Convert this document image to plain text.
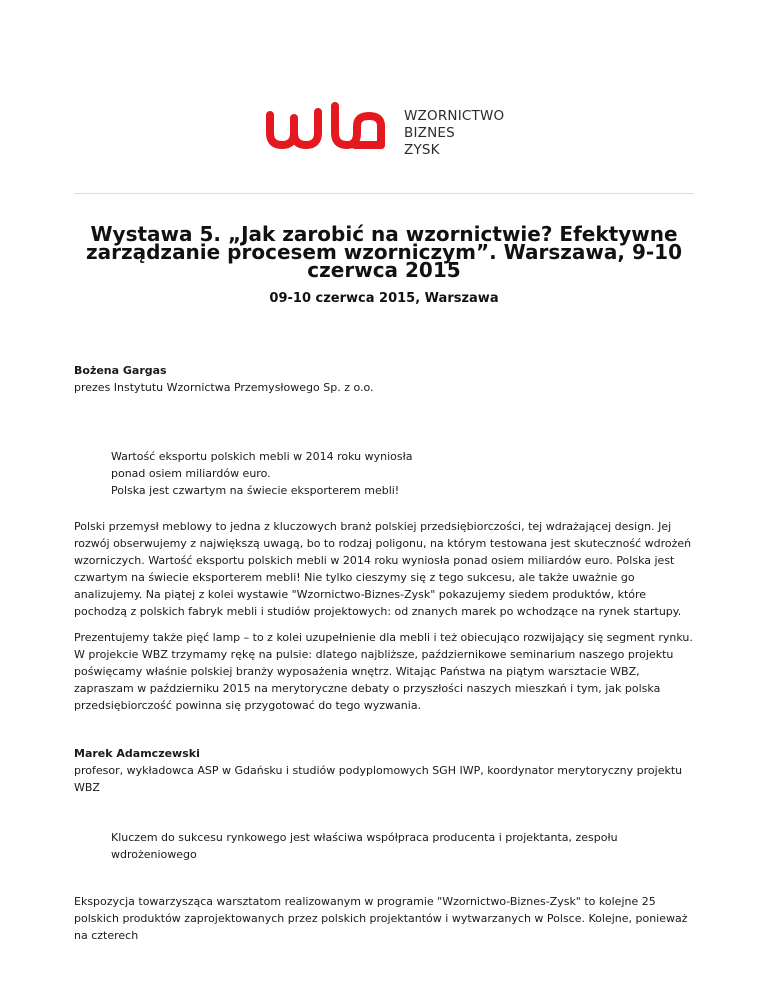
WZORNICTWO
BIZNES
ZYSK
Wystawa 5. „Jak zarobić na wzornictwie? Efektywne zarządzanie procesem wzorniczym”. Warszawa, 9-10 czerwca 2015
09-10 czerwca 2015, Warszawa
Bożena Gargas
prezes Instytutu Wzornictwa Przemysłowego Sp. z o.o.
Wartość eksportu polskich mebli w 2014 roku wyniosła
ponad osiem miliardów euro.
Polska jest czwartym na świecie eksporterem mebli!
Polski przemysł meblowy to jedna z kluczowych branż polskiej przedsiębiorczości, tej wdrażającej design. Jej rozwój obserwujemy z największą uwagą, bo to rodzaj poligonu, na którym testowana jest skuteczność wdrożeń wzorniczych. Wartość eksportu polskich mebli w 2014 roku wyniosła ponad osiem miliardów euro. Polska jest czwartym na świecie eksporterem mebli! Nie tylko cieszymy się z tego sukcesu, ale także uważnie go analizujemy. Na piątej z kolei wystawie "Wzornictwo-Biznes-Zysk" pokazujemy siedem produktów, które pochodzą z polskich fabryk mebli i studiów projektowych: od znanych marek po wchodzące na rynek startupy.
Prezentujemy także pięć lamp – to z kolei uzupełnienie dla mebli i też obiecująco rozwijający się segment rynku. W projekcie WBZ trzymamy rękę na pulsie: dlatego najbliższe, październikowe seminarium naszego projektu poświęcamy właśnie polskiej branży wyposażenia wnętrz. Witając Państwa na piątym warsztacie WBZ, zapraszam w październiku 2015 na merytoryczne debaty o przyszłości naszych mieszkań i tym, jak polska przedsiębiorczość powinna się przygotować do tego wyzwania.
Marek Adamczewski
profesor, wykładowca ASP w Gdańsku i studiów podyplomowych SGH IWP, koordynator merytoryczny projektu WBZ
Kluczem do sukcesu rynkowego jest właściwa współpraca producenta i projektanta, zespołu
wdrożeniowego
Ekspozycja towarzysząca warsztatom realizowanym w programie "Wzornictwo-Biznes-Zysk" to kolejne 25 polskich produktów zaprojektowanych przez polskich projektantów i wytwarzanych w Polsce. Kolejne, ponieważ na czterech
